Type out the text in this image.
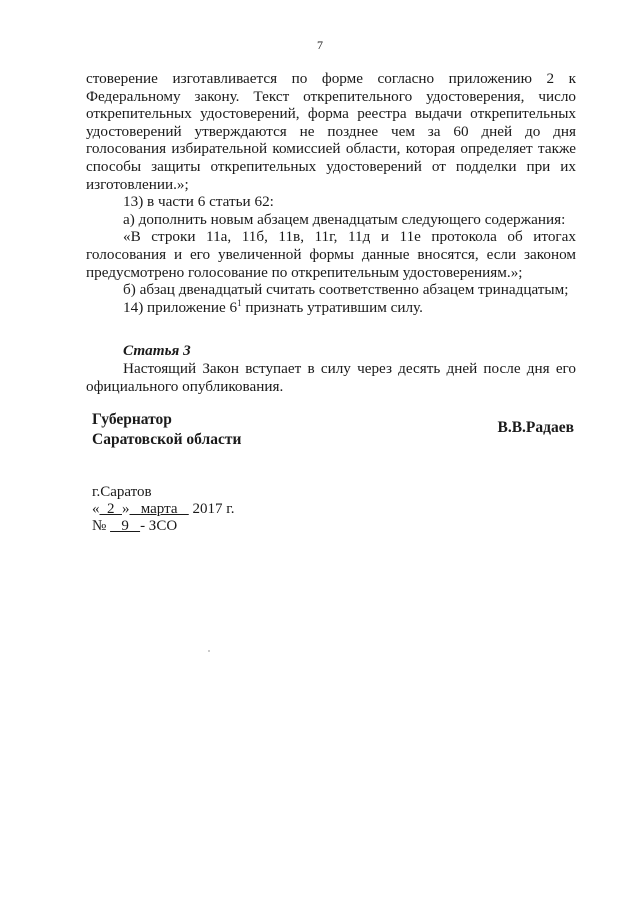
7

стоверение изготавливается по форме согласно приложению 2 к Федеральному закону. Текст открепительного удостоверения, число открепительных удостоверений, форма реестра выдачи открепительных удостоверений утверждаются не позднее чем за 60 дней до дня голосования избирательной комиссией области, которая определяет также способы защиты открепительных удостоверений от подделки при их изготовлении.»;

13) в части 6 статьи 62:

а) дополнить новым абзацем двенадцатым следующего содержания:

«В строки 11а, 11б, 11в, 11г, 11д и 11е протокола об итогах голосования и его увеличенной формы данные вносятся, если законом предусмотрено голосование по открепительным удостоверениям.»;

б) абзац двенадцатый считать соответственно абзацем тринадцатым;

14) приложение $6^1$ признать утратившим силу.

Статья 3

Настоящий Закон вступает в силу через десять дней после дня его официального опубликования.

Губернатор
Саратовской области
В.В.Радаев
г.Саратов
«  2  »   марта    2017 г.
№    9   - ЗСО
